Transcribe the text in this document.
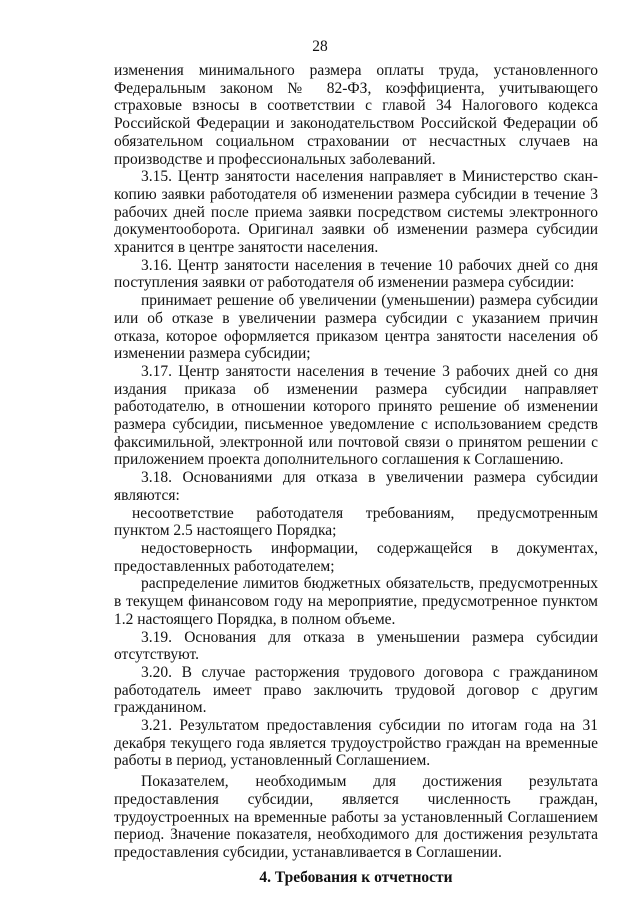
28

изменения минимального размера оплаты труда, установленного Федеральным законом № 82-ФЗ, коэффициента, учитывающего страховые взносы в соответствии с главой 34 Налогового кодекса Российской Федерации и законодательством Российской Федерации об обязательном социальном страховании от несчастных случаев на производстве и профессиональных заболеваний.

3.15. Центр занятости населения направляет в Министерство скан-копию заявки работодателя об изменении размера субсидии в течение 3 рабочих дней после приема заявки посредством системы электронного документооборота. Оригинал заявки об изменении размера субсидии хранится в центре занятости населения.

3.16. Центр занятости населения в течение 10 рабочих дней со дня поступления заявки от работодателя об изменении размера субсидии:

принимает решение об увеличении (уменьшении) размера субсидии или об отказе в увеличении размера субсидии с указанием причин отказа, которое оформляется приказом центра занятости населения об изменении размера субсидии;

3.17. Центр занятости населения в течение 3 рабочих дней со дня издания приказа об изменении размера субсидии направляет работодателю, в отношении которого принято решение об изменении размера субсидии, письменное уведомление с использованием средств факсимильной, электронной или почтовой связи о принятом решении с приложением проекта дополнительного соглашения к Соглашению.

3.18. Основаниями для отказа в увеличении размера субсидии являются:

несоответствие работодателя требованиям, предусмотренным пунктом 2.5 настоящего Порядка;

недостоверность информации, содержащейся в документах, предоставленных работодателем;

распределение лимитов бюджетных обязательств, предусмотренных в текущем финансовом году на мероприятие, предусмотренное пунктом 1.2 настоящего Порядка, в полном объеме.

3.19. Основания для отказа в уменьшении размера субсидии отсутствуют.

3.20. В случае расторжения трудового договора с гражданином работодатель имеет право заключить трудовой договор с другим гражданином.

3.21. Результатом предоставления субсидии по итогам года на 31 декабря текущего года является трудоустройство граждан на временные работы в период, установленный Соглашением.

Показателем, необходимым для достижения результата предоставления субсидии, является численность граждан, трудоустроенных на временные работы за установленный Соглашением период. Значение показателя, необходимого для достижения результата предоставления субсидии, устанавливается в Соглашении.

4. Требования к отчетности
